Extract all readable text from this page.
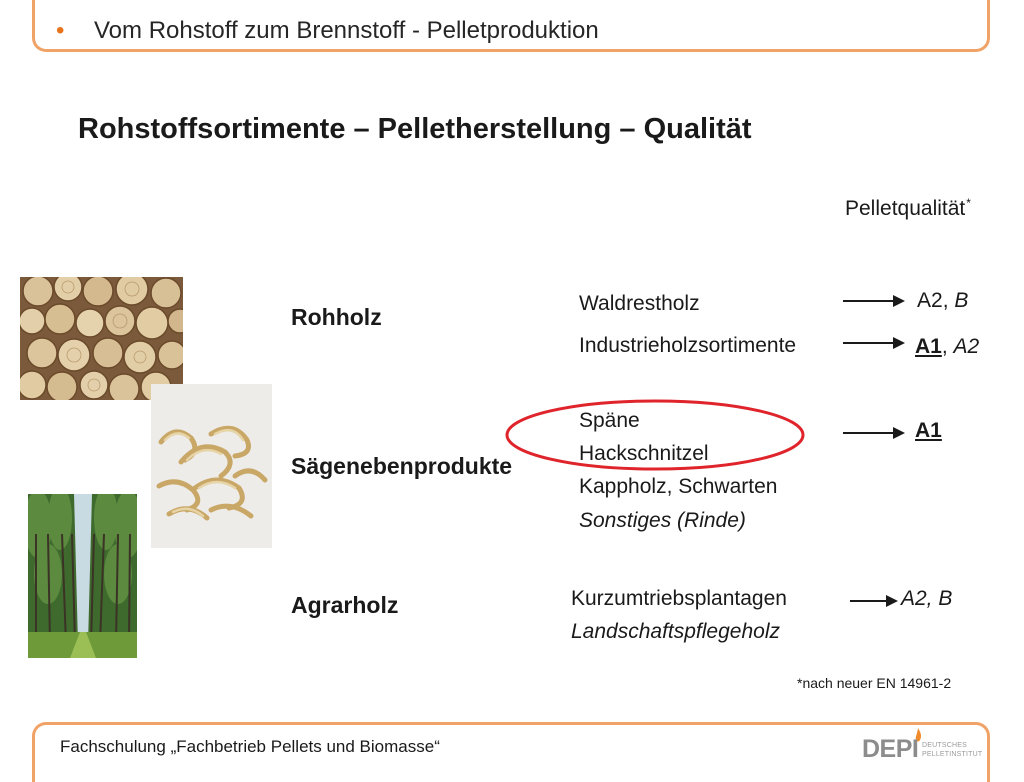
• Vom Rohstoff zum Brennstoff - Pelletproduktion
Rohstoffsortimente – Pelletherstellung – Qualität
Pelletqualität*
Rohholz
Sägenebenprodukte
Agrarholz
Waldrestholz
Industrieholzsortimente
Späne
Hackschnitzel
Kappholz, Schwarten
Sonstiges (Rinde)
Kurzumtriebsplantagen
Landschaftspflegeholz
A2, B
A1, A2
A1
A2, B
*nach neuer EN 14961-2
Fachschulung „Fachbetrieb Pellets und Biomasse“	DEPI DEUTSCHES
PELLETINSTITUT
